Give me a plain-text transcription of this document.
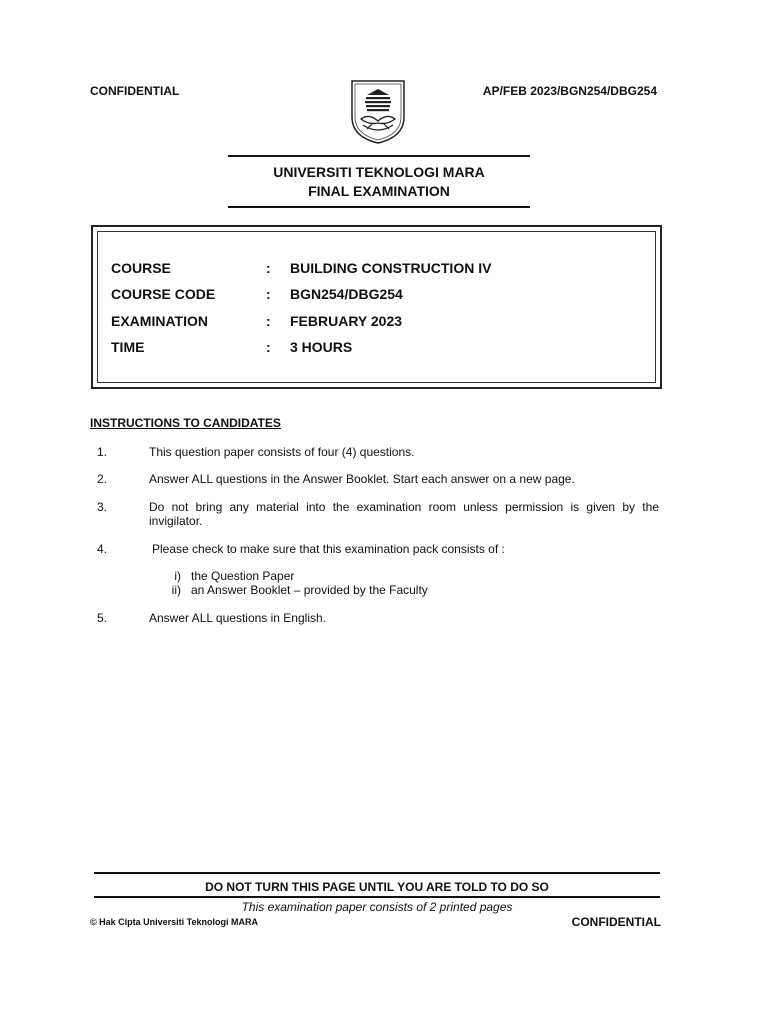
CONFIDENTIAL	AP/FEB 2023/BGN254/DBG254
UNIVERSITI TEKNOLOGI MARA
FINAL EXAMINATION
COURSE	:	BUILDING CONSTRUCTION IV
COURSE CODE	:	BGN254/DBG254
EXAMINATION	:	FEBRUARY 2023
TIME	:	3 HOURS
INSTRUCTIONS TO CANDIDATES
1.	This question paper consists of four (4) questions.
2.	Answer ALL questions in the Answer Booklet. Start each answer on a new page.
3.	Do not bring any material into the examination room unless permission is given by the invigilator.
4.	Please check to make sure that this examination pack consists of :
i) the Question Paper
ii) an Answer Booklet – provided by the Faculty
5.	Answer ALL questions in English.
DO NOT TURN THIS PAGE UNTIL YOU ARE TOLD TO DO SO
This examination paper consists of 2 printed pages
© Hak Cipta Universiti Teknologi MARA	CONFIDENTIAL
